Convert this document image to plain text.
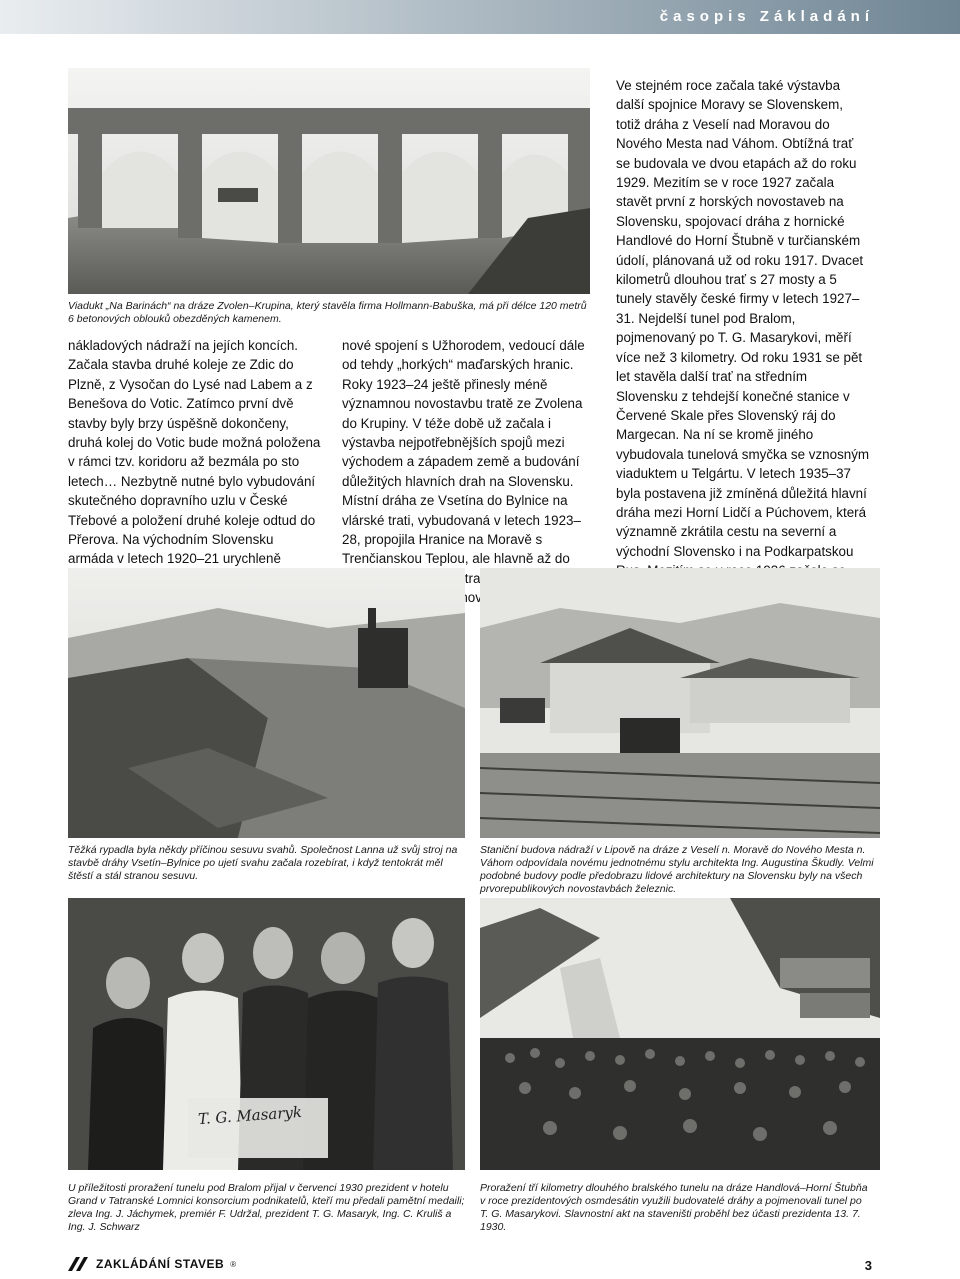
časopis Základání
Viadukt „Na Barinách“ na dráze Zvolen–Krupina, který stavěla firma Hollmann-Babuška, má při délce 120 metrů 6 betonových oblouků obezděných kamenem.

nákladových nádraží na jejích koncích. Začala stavba druhé koleje ze Zdic do Plzně, z Vysočan do Lysé nad Labem a z Benešova do Votic. Zatímco první dvě stavby byly brzy úspěšně dokončeny, druhá kolej do Votic bude možná položena v rámci tzv. koridoru až bezmála po sto letech… Nezbytně nutné bylo vybudování skutečného dopravního uzlu v České Třebové a položení druhé koleje odtud do Přerova. Na východním Slovensku armáda v letech 1920–21 urychleně

nové spojení s Užhorodem, vedoucí dále od tehdy „horkých“ maďarských hranic. Roky 1923–24 ještě přinesly méně významnou novostavbu tratě ze Zvolena do Krupiny. V téže době už začala i výstavba nejpotřebnějších spojů mezi východem a západem země a budování důležitých hlavních drah na Slovensku. Místní dráha ze Vsetína do Bylnice na vlárské trati, vybudovaná v letech 1923–28, propojila Hranice na Moravě s Trenčianskou Teplou, ale hlavně až do Púchova.

Ve stejném roce začala také výstavba další spojnice Moravy se Slovenskem, totiž dráha z Veselí nad Moravou do Nového Mesta nad Váhom. Obtížná trať se budovala ve dvou etapách až do roku 1929. Mezitím se v roce 1927 začala stavět první z horských novostaveb na Slovensku, spojovací dráha z hornické Handlové do Horní Štubně v turčianském údolí, plánovaná už od roku 1917. Dvacet kilometrů dlouhou trať s 27 mosty a 5 tunely stavěly české firmy v letech 1927–31. Nejdelší tunel pod Bralom, pojmenovaný po T. G. Masarykovi, měří více než 3 kilometry. Od roku 1931 se pět let stavěla další trať na středním Slovensku z tehdejší konečné stanice v Červené Skale přes Slovenský ráj do Margecan. Na ní se kromě jiného vybudovala tunelová smyčka se vznosným viaduktem u Telgártu. V letech 1935–37 byla postavena již zmíněná důležitá hlavní dráha mezi Horní Lidčí a Púchovem, která významně zkrátila cestu na severní a východní Slovensko i na Podkarpatskou

Těžká rypadla byla někdy příčinou sesuvu svahů. Společnost Lanna už svůj stroj na stavbě dráhy Vsetín–Bylnice po ujetí svahu začala rozebírat, i když tentokrát měl štěstí a stál stranou sesuvu.
Staniční budova nádraží v Lipově na dráze z Veselí n. Moravě do Nového Mesta n. Váhom odpovídala novému jednotnému stylu architekta Ing. Augustina Škudly. Velmi podobné budovy podle předobrazu lidové architektury na Slovensku byly na všech prvorepublikových novostavbách železnic.
T. G. Masaryk
U příležitosti proražení tunelu pod Bralom přijal v červenci 1930 prezident v hotelu Grand v Tatranské Lomnici konsorcium podnikatelů, kteří mu předali pamětní medaili; zleva Ing. J. Jáchymek, premiér F. Udržal, prezident T. G. Masaryk, Ing. C. Kruliš a Ing. J. Schwarz
Proražení tří kilometry dlouhého bralského tunelu na dráze Handlová–Horní Štubňa v roce prezidentových osmdesátin využili budovatelé dráhy a pojmenovali tunel po T. G. Masarykovi. Slavnostní akt na staveništi proběhl bez účasti prezidenta 13. 7. 1930.
ZAKLÁDÁNÍ STAVEB ®	3
